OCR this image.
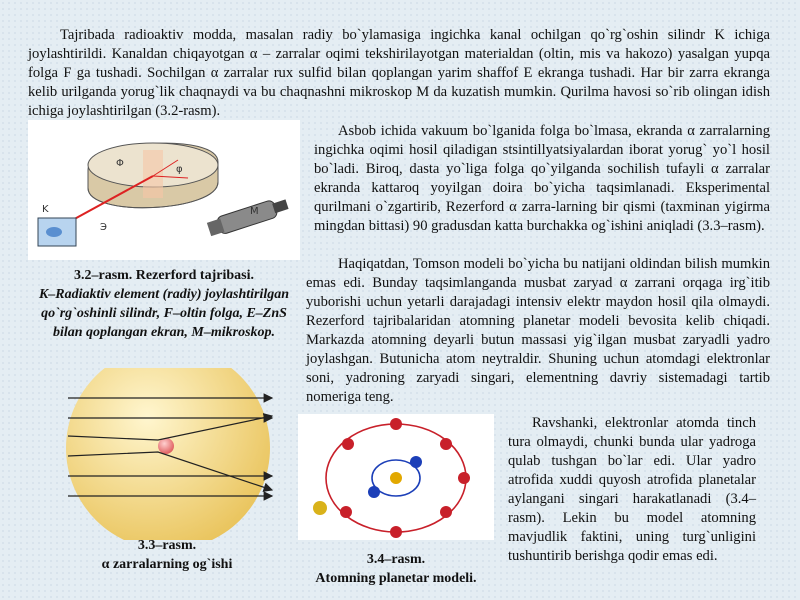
Tajribada radioaktiv modda, masalan radiy bo`ylamasiga ingichka kanal ochilgan qo`rg`oshin silindr K ichiga joylashtirildi. Kanaldan chiqayotgan α – zarralar oqimi tekshirilayotgan materialdan (oltin, mis va hakozo) yasalgan yupqa folga F ga tushadi. Sochilgan α zarralar rux sulfid bilan qoplangan yarim shaffof E ekranga tushadi. Har bir zarra ekranga kelib urilganda yorug`lik chaqnaydi va bu chaqnashni mikroskop M da kuzatish mumkin. Qurilma havosi so`rib olingan idish ichiga joylashtirilgan (3.2-rasm).

K
Φ
Э
M
φ
3.2–rasm. Rezerford tajribasi.
K–Radiaktiv element (radiy) joylashtirilgan qo`rg`oshinli silindr, F–oltin folga, E–ZnS bilan qoplangan ekran, M–mikroskop.

Asbob ichida vakuum bo`lganida folga bo`lmasa, ekranda α zarralarning ingichka oqimi hosil qiladigan stsintillyatsiyalardan iborat yorug` yo`l hosil bo`ladi. Biroq, dasta yo`liga folga qo`yilganda sochilish tufayli α zarralar ekranda kattaroq yoyilgan doira bo`yicha taqsimlanadi. Eksperimental qurilmani o`zgartirib, Rezerford α zarra-larning bir qismi (taxminan yigirma mingdan bittasi) 90 gradusdan katta burchakka og`ishini aniqladi (3.3–rasm).

Haqiqatdan, Tomson modeli bo`yicha bu natijani oldindan bilish mumkin emas edi. Bunday taqsimlanganda musbat zaryad α zarrani orqaga irg`itib yuborishi uchun yetarli darajadagi intensiv elektr maydon hosil qila olmaydi. Rezerford tajribalaridan atomning planetar modeli bevosita kelib chiqadi. Markazda atomning deyarli butun massasi yig`ilgan musbat zaryadli yadro joylashgan. Butunicha atom neytraldir. Shuning uchun atomdagi elektronlar soni, yadroning zaryadi singari, elementning davriy sistemadagi tartib nomeriga teng.

3.3–rasm.
α zarralarning og`ishi	3.4–rasm.
Atomning planetar modeli.

Ravshanki, elektronlar atomda tinch tura olmaydi, chunki bunda ular yadroga qulab tushgan bo`lar edi. Ular yadro atrofida xuddi quyosh atrofida planetalar aylangani singari harakatlanadi (3.4–rasm). Lekin bu model atomning mavjudlik faktini, uning turg`unligini tushuntirib berishga qodir emas edi.
